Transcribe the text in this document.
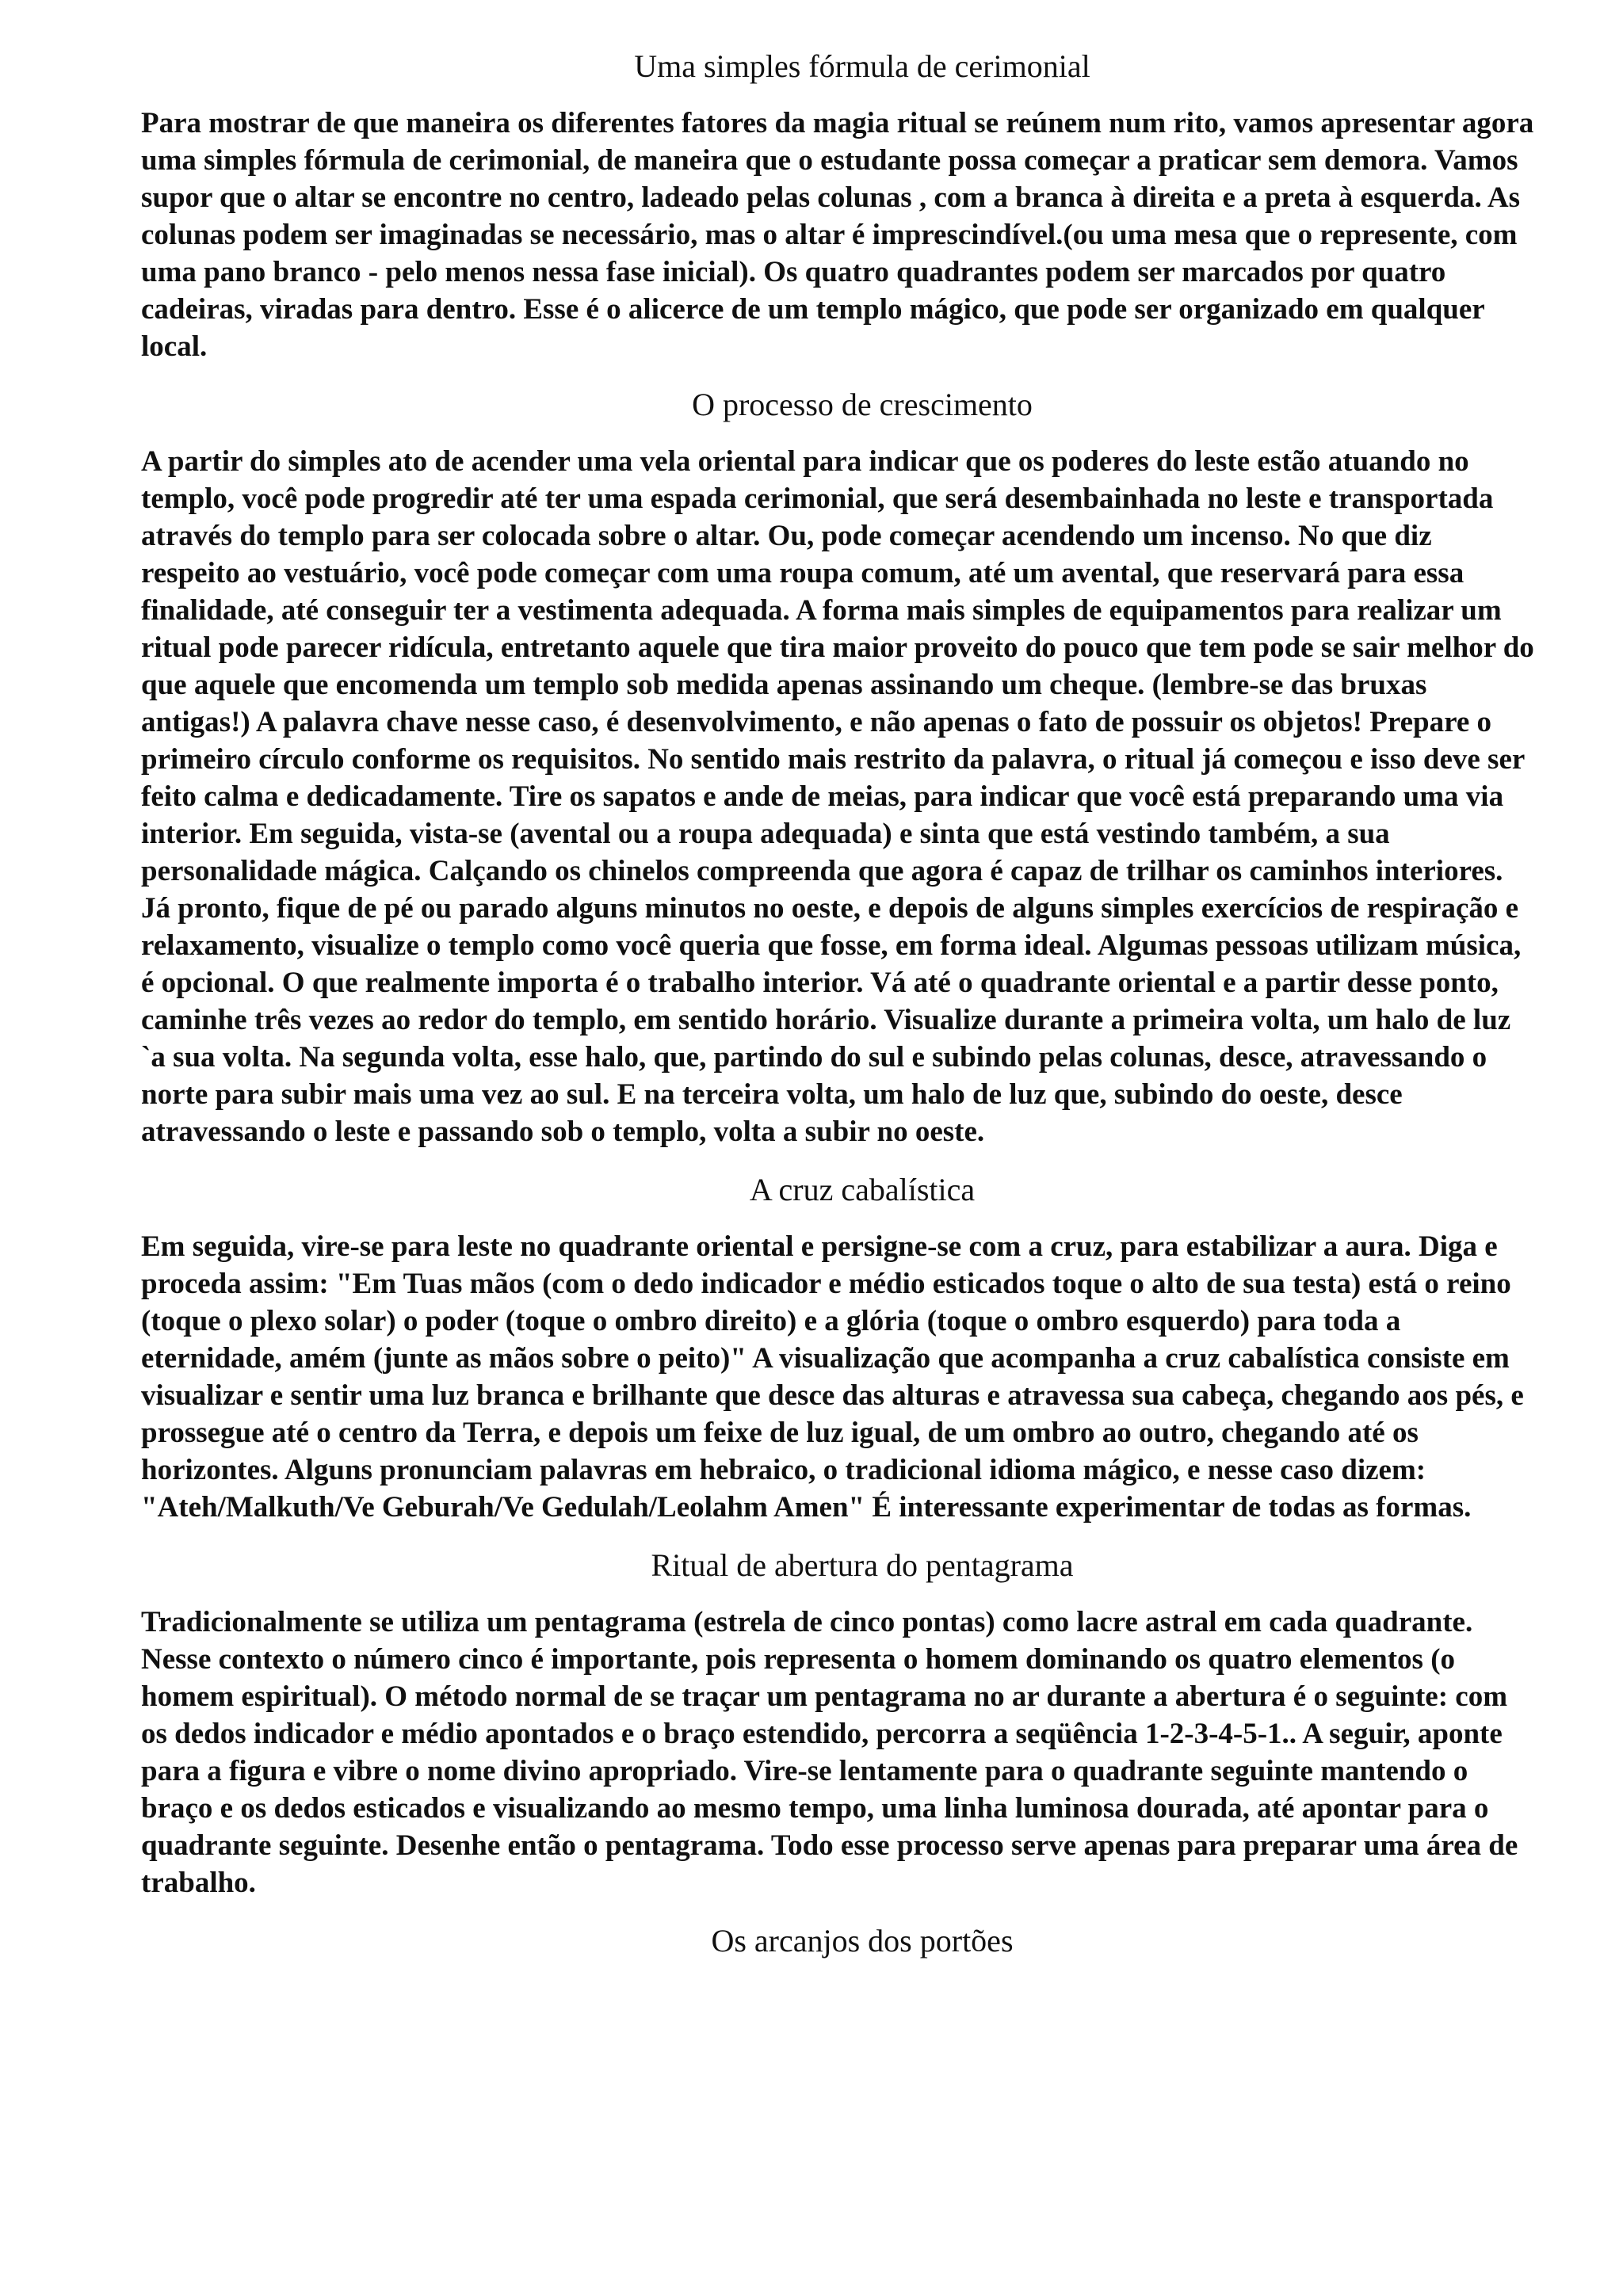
Uma simples fórmula de cerimonial
Para mostrar de que maneira os diferentes fatores da magia ritual se reúnem num rito, vamos apresentar agora uma simples fórmula de cerimonial, de maneira que o estudante possa começar a praticar sem demora. Vamos supor que o altar se encontre no centro, ladeado pelas colunas , com a branca à direita e a preta à esquerda. As colunas podem ser imaginadas se necessário, mas o altar é imprescindível.(ou uma mesa que o represente, com uma pano branco - pelo menos nessa fase inicial). Os quatro quadrantes podem ser marcados por quatro cadeiras, viradas para dentro. Esse é o alicerce de um templo mágico, que pode ser organizado em qualquer local.
O processo de crescimento
A partir do simples ato de acender uma vela oriental para indicar que os poderes do leste estão atuando no templo, você pode progredir até ter uma espada cerimonial, que será desembainhada no leste e transportada através do templo para ser colocada sobre o altar. Ou, pode começar acendendo um incenso. No que diz respeito ao vestuário, você pode começar com uma roupa comum, até um avental, que reservará para essa finalidade, até conseguir ter a vestimenta adequada. A forma mais simples de equipamentos para realizar um ritual pode parecer ridícula, entretanto aquele que tira maior proveito do pouco que tem pode se sair melhor do que aquele que encomenda um templo sob medida apenas assinando um cheque. (lembre-se das bruxas antigas!) A palavra chave nesse caso, é desenvolvimento, e não apenas o fato de possuir os objetos! Prepare o primeiro círculo conforme os requisitos. No sentido mais restrito da palavra, o ritual já começou e isso deve ser feito calma e dedicadamente. Tire os sapatos e ande de meias, para indicar que você está preparando uma via interior. Em seguida, vista-se (avental ou a roupa adequada) e sinta que está vestindo também, a sua personalidade mágica. Calçando os chinelos compreenda que agora é capaz de trilhar os caminhos interiores. Já pronto, fique de pé ou parado alguns minutos no oeste, e depois de alguns simples exercícios de respiração e relaxamento, visualize o templo como você queria que fosse, em forma ideal. Algumas pessoas utilizam música, é opcional. O que realmente importa é o trabalho interior. Vá até o quadrante oriental e a partir desse ponto, caminhe três vezes ao redor do templo, em sentido horário. Visualize durante a primeira volta, um halo de luz `a sua volta. Na segunda volta, esse halo, que, partindo do sul e subindo pelas colunas, desce, atravessando o norte para subir mais uma vez ao sul. E na terceira volta, um halo de luz que, subindo do oeste, desce atravessando o leste e passando sob o templo, volta a subir no oeste.
A cruz cabalística
Em seguida, vire-se para leste no quadrante oriental e persigne-se com a cruz, para estabilizar a aura. Diga e proceda assim: "Em Tuas mãos (com o dedo indicador e médio esticados toque o alto de sua testa) está o reino (toque o plexo solar) o poder (toque o ombro direito) e a glória (toque o ombro esquerdo) para toda a eternidade, amém (junte as mãos sobre o peito)" A visualização que acompanha a cruz cabalística consiste em visualizar e sentir uma luz branca e brilhante que desce das alturas e atravessa sua cabeça, chegando aos pés, e prossegue até o centro da Terra, e depois um feixe de luz igual, de um ombro ao outro, chegando até os horizontes. Alguns pronunciam palavras em hebraico, o tradicional idioma mágico, e nesse caso dizem: "Ateh/Malkuth/Ve Geburah/Ve Gedulah/Leolahm Amen" É interessante experimentar de todas as formas.
Ritual de abertura do pentagrama
Tradicionalmente se utiliza um pentagrama (estrela de cinco pontas) como lacre astral em cada quadrante. Nesse contexto o número cinco é importante, pois representa o homem dominando os quatro elementos (o homem espiritual). O método normal de se traçar um pentagrama no ar durante a abertura é o seguinte: com os dedos indicador e médio apontados e o braço estendido, percorra a seqüência 1-2-3-4-5-1.. A seguir, aponte para a figura e vibre o nome divino apropriado. Vire-se lentamente para o quadrante seguinte mantendo o braço e os dedos esticados e visualizando ao mesmo tempo, uma linha luminosa dourada, até apontar para o quadrante seguinte. Desenhe então o pentagrama. Todo esse processo serve apenas para preparar uma área de trabalho.
Os arcanjos dos portões
